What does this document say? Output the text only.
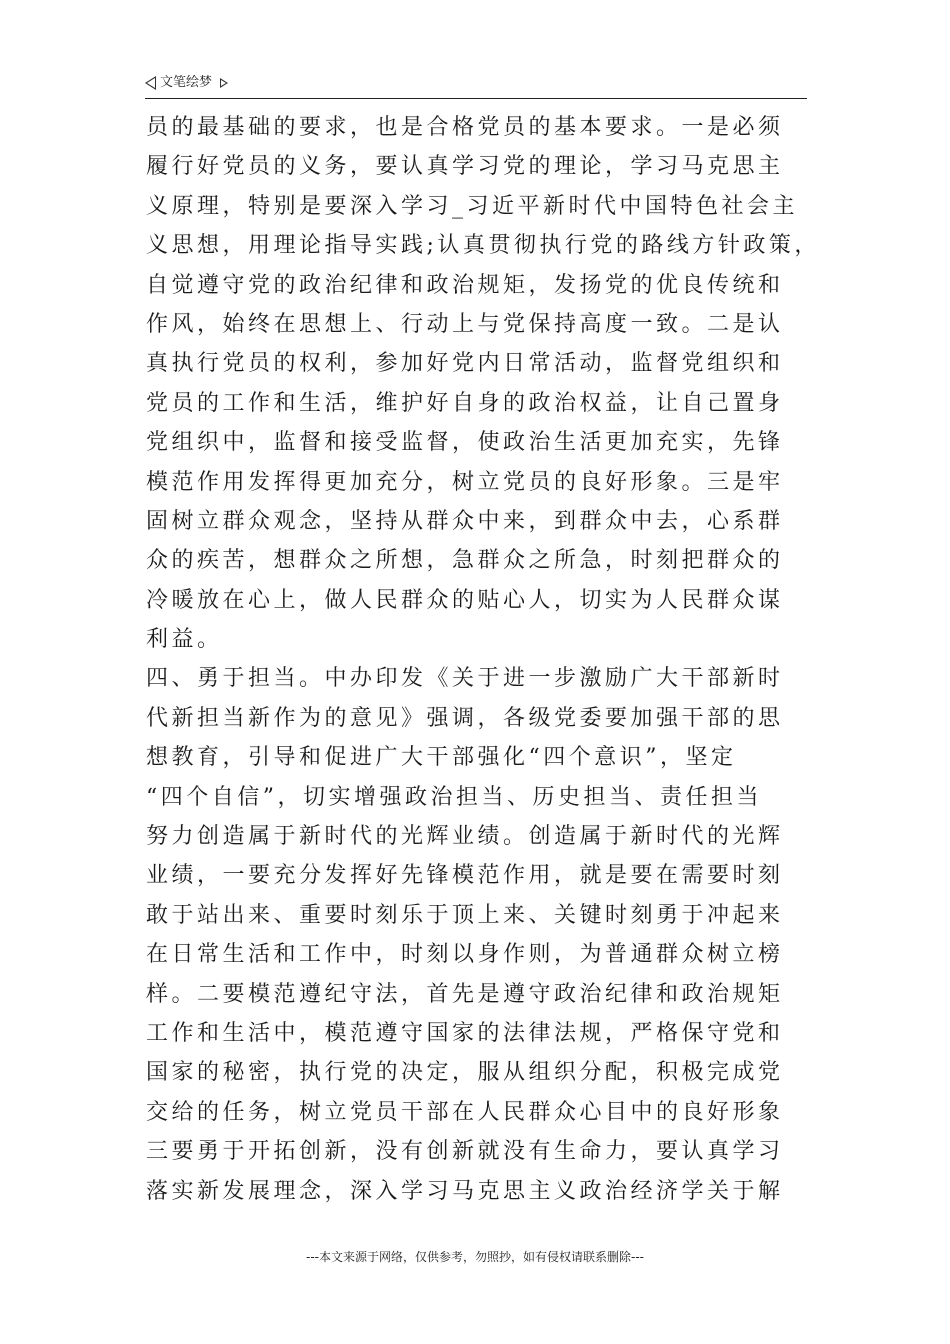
文笔绘梦
员的最基础的要求，也是合格党员的基本要求。一是必须
履行好党员的义务，要认真学习党的理论，学习马克思主
义原理，特别是要深入学习_习近平新时代中国特色社会主
义思想，用理论指导实践;认真贯彻执行党的路线方针政策，
自觉遵守党的政治纪律和政治规矩，发扬党的优良传统和
作风，始终在思想上、行动上与党保持高度一致。二是认
真执行党员的权利，参加好党内日常活动，监督党组织和
党员的工作和生活，维护好自身的政治权益，让自己置身
党组织中，监督和接受监督，使政治生活更加充实，先锋
模范作用发挥得更加充分，树立党员的良好形象。三是牢
固树立群众观念，坚持从群众中来，到群众中去，心系群
众的疾苦，想群众之所想，急群众之所急，时刻把群众的
冷暖放在心上，做人民群众的贴心人，切实为人民群众谋
利益。
四、勇于担当。中办印发《关于进一步激励广大干部新时
代新担当新作为的意见》强调，各级党委要加强干部的思
想教育，引导和促进广大干部强化“四个意识”，坚定
“四个自信”，切实增强政治担当、历史担当、责任担当
努力创造属于新时代的光辉业绩。创造属于新时代的光辉
业绩，一要充分发挥好先锋模范作用，就是要在需要时刻
敢于站出来、重要时刻乐于顶上来、关键时刻勇于冲起来
在日常生活和工作中，时刻以身作则，为普通群众树立榜
样。二要模范遵纪守法，首先是遵守政治纪律和政治规矩
工作和生活中，模范遵守国家的法律法规，严格保守党和
国家的秘密，执行党的决定，服从组织分配，积极完成党
交给的任务，树立党员干部在人民群众心目中的良好形象
三要勇于开拓创新，没有创新就没有生命力，要认真学习
落实新发展理念，深入学习马克思主义政治经济学关于解
---本文来源于网络，仅供参考，勿照抄，如有侵权请联系删除---
